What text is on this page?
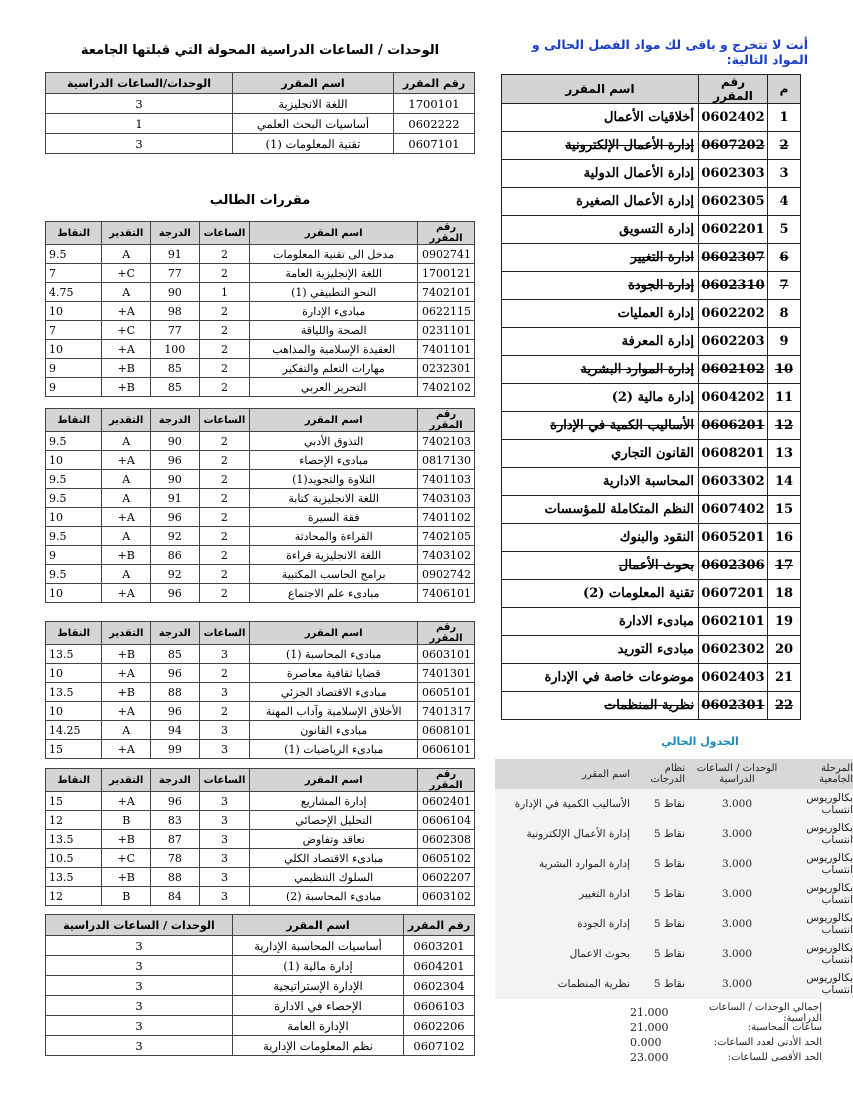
أنت لا تتخرج و باقى لك مواد الفصل الحالى و المواد التالية:
م	رقم المقرر	اسم المقرر
1	0602402	أخلاقيات الأعمال
2	0607202	إدارة الأعمال الإلكترونية
3	0602303	إدارة الأعمال الدولية
4	0602305	إدارة الأعمال الصغيرة
5	0602201	إدارة التسويق
6	0602307	ادارة التغيير
7	0602310	إدارة الجودة
8	0602202	إدارة العمليات
9	0602203	إدارة المعرفة
10	0602102	إدارة الموارد البشرية
11	0604202	إدارة مالية (2)
12	0606201	الأساليب الكمية في الإدارة
13	0608201	القانون التجاري
14	0603302	المحاسبة الادارية
15	0607402	النظم المتكاملة للمؤسسات
16	0605201	النقود والبنوك
17	0602306	بحوث الأعمال
18	0607201	تقنية المعلومات (2)
19	0602101	مبادىء الادارة
20	0602302	مبادىء التوريد
21	0602403	موضوعات خاصة في الإدارة
22	0602301	نظرية المنظمات
الجدول الحالي
المرحلة الجامعية	الوحدات / الساعات الدراسية	نظام الدرجات	اسم المقرر
بكالوريوس انتساب	3.000	نقاط 5	الأساليب الكمية في الإدارة
بكالوريوس انتساب	3.000	نقاط 5	إدارة الأعمال الإلكترونية
بكالوريوس انتساب	3.000	نقاط 5	إدارة الموارد البشرية
بكالوريوس انتساب	3.000	نقاط 5	ادارة التغيير
بكالوريوس انتساب	3.000	نقاط 5	إدارة الجودة
بكالوريوس انتساب	3.000	نقاط 5	بحوث الاعمال
بكالوريوس انتساب	3.000	نقاط 5	نظرية المنظمات
إجمالي الوحدات / الساعات الدراسية:
21.000
ساعات المحاسبة:
21.000
الحد الأدنى لعدد الساعات:
0.000
الحد الأقصى للساعات:
23.000
الوحدات / الساعات الدراسية المحولة التي قبلتها الجامعة
رقم المقرر	اسم المقرر	الوحدات/الساعات الدراسية
1700101	اللغة الانجليزية	3
0602222	أساسيات البحث العلمي	1
0607101	تقنية المعلومات (1)	3
مقررات الطالب
رقم المقرر	اسم المقرر	الساعات	الدرجة	التقدير	النقاط
0902741	مدخل الى تقنية المعلومات	2	91	A	9.5
1700121	اللغة الإنجليزية العامة	2	77	C+	7
7402101	النحو التطبيقي (1)	1	90	A	4.75
0622115	مبادىء الإدارة	2	98	A+	10
0231101	الصحة واللياقة	2	77	C+	7
7401101	العقيدة الإسلامية والمذاهب	2	100	A+	10
0232301	مهارات التعلم والتفكير	2	85	B+	9
7402102	التحرير العربي	2	85	B+	9
رقم المقرر	اسم المقرر	الساعات	الدرجة	التقدير	النقاط
7402103	التذوق الأدبي	2	90	A	9.5
0817130	مبادىء الإحصاء	2	96	A+	10
7401103	التلاوة والتجويد(1)	2	90	A	9.5
7403103	اللغة الانجليزية كتابة	2	91	A	9.5
7401102	فقة السيرة	2	96	A+	10
7402105	القراءة والمحادثة	2	92	A	9.5
7403102	اللغة الانجليزية قراءة	2	86	B+	9
0902742	برامج الحاسب المكتبية	2	92	A	9.5
7406101	مبادىء علم الاجتماع	2	96	A+	10
رقم المقرر	اسم المقرر	الساعات	الدرجة	التقدير	النقاط
0603101	مبادىء المحاسبة (1)	3	85	B+	13.5
7401301	قضايا ثقافية معاصرة	2	96	A+	10
0605101	مبادىء الاقتصاد الجزئي	3	88	B+	13.5
7401317	الأخلاق الإسلامية وآداب المهنة	2	96	A+	10
0608101	مبادىء القانون	3	94	A	14.25
0606101	مبادىء الرياضيات (1)	3	99	A+	15
رقم المقرر	اسم المقرر	الساعات	الدرجة	التقدير	النقاط
0602401	إدارة المشاريع	3	96	A+	15
0606104	التحليل الإحصائي	3	83	B	12
0602308	تعاقد وتفاوض	3	87	B+	13.5
0605102	مبادىء الاقتصاد الكلي	3	78	C+	10.5
0602207	السلوك التنظيمي	3	88	B+	13.5
0603102	مبادىء المحاسبة (2)	3	84	B	12
رقم المقرر	اسم المقرر	الوحدات / الساعات الدراسية
0603201	أساسيات المحاسبة الإدارية	3
0604201	إدارة مالية (1)	3
0602304	الإدارة الإستراتيجية	3
0606103	الإحصاء في الادارة	3
0602206	الإدارة العامة	3
0607102	نظم المعلومات الإدارية	3
